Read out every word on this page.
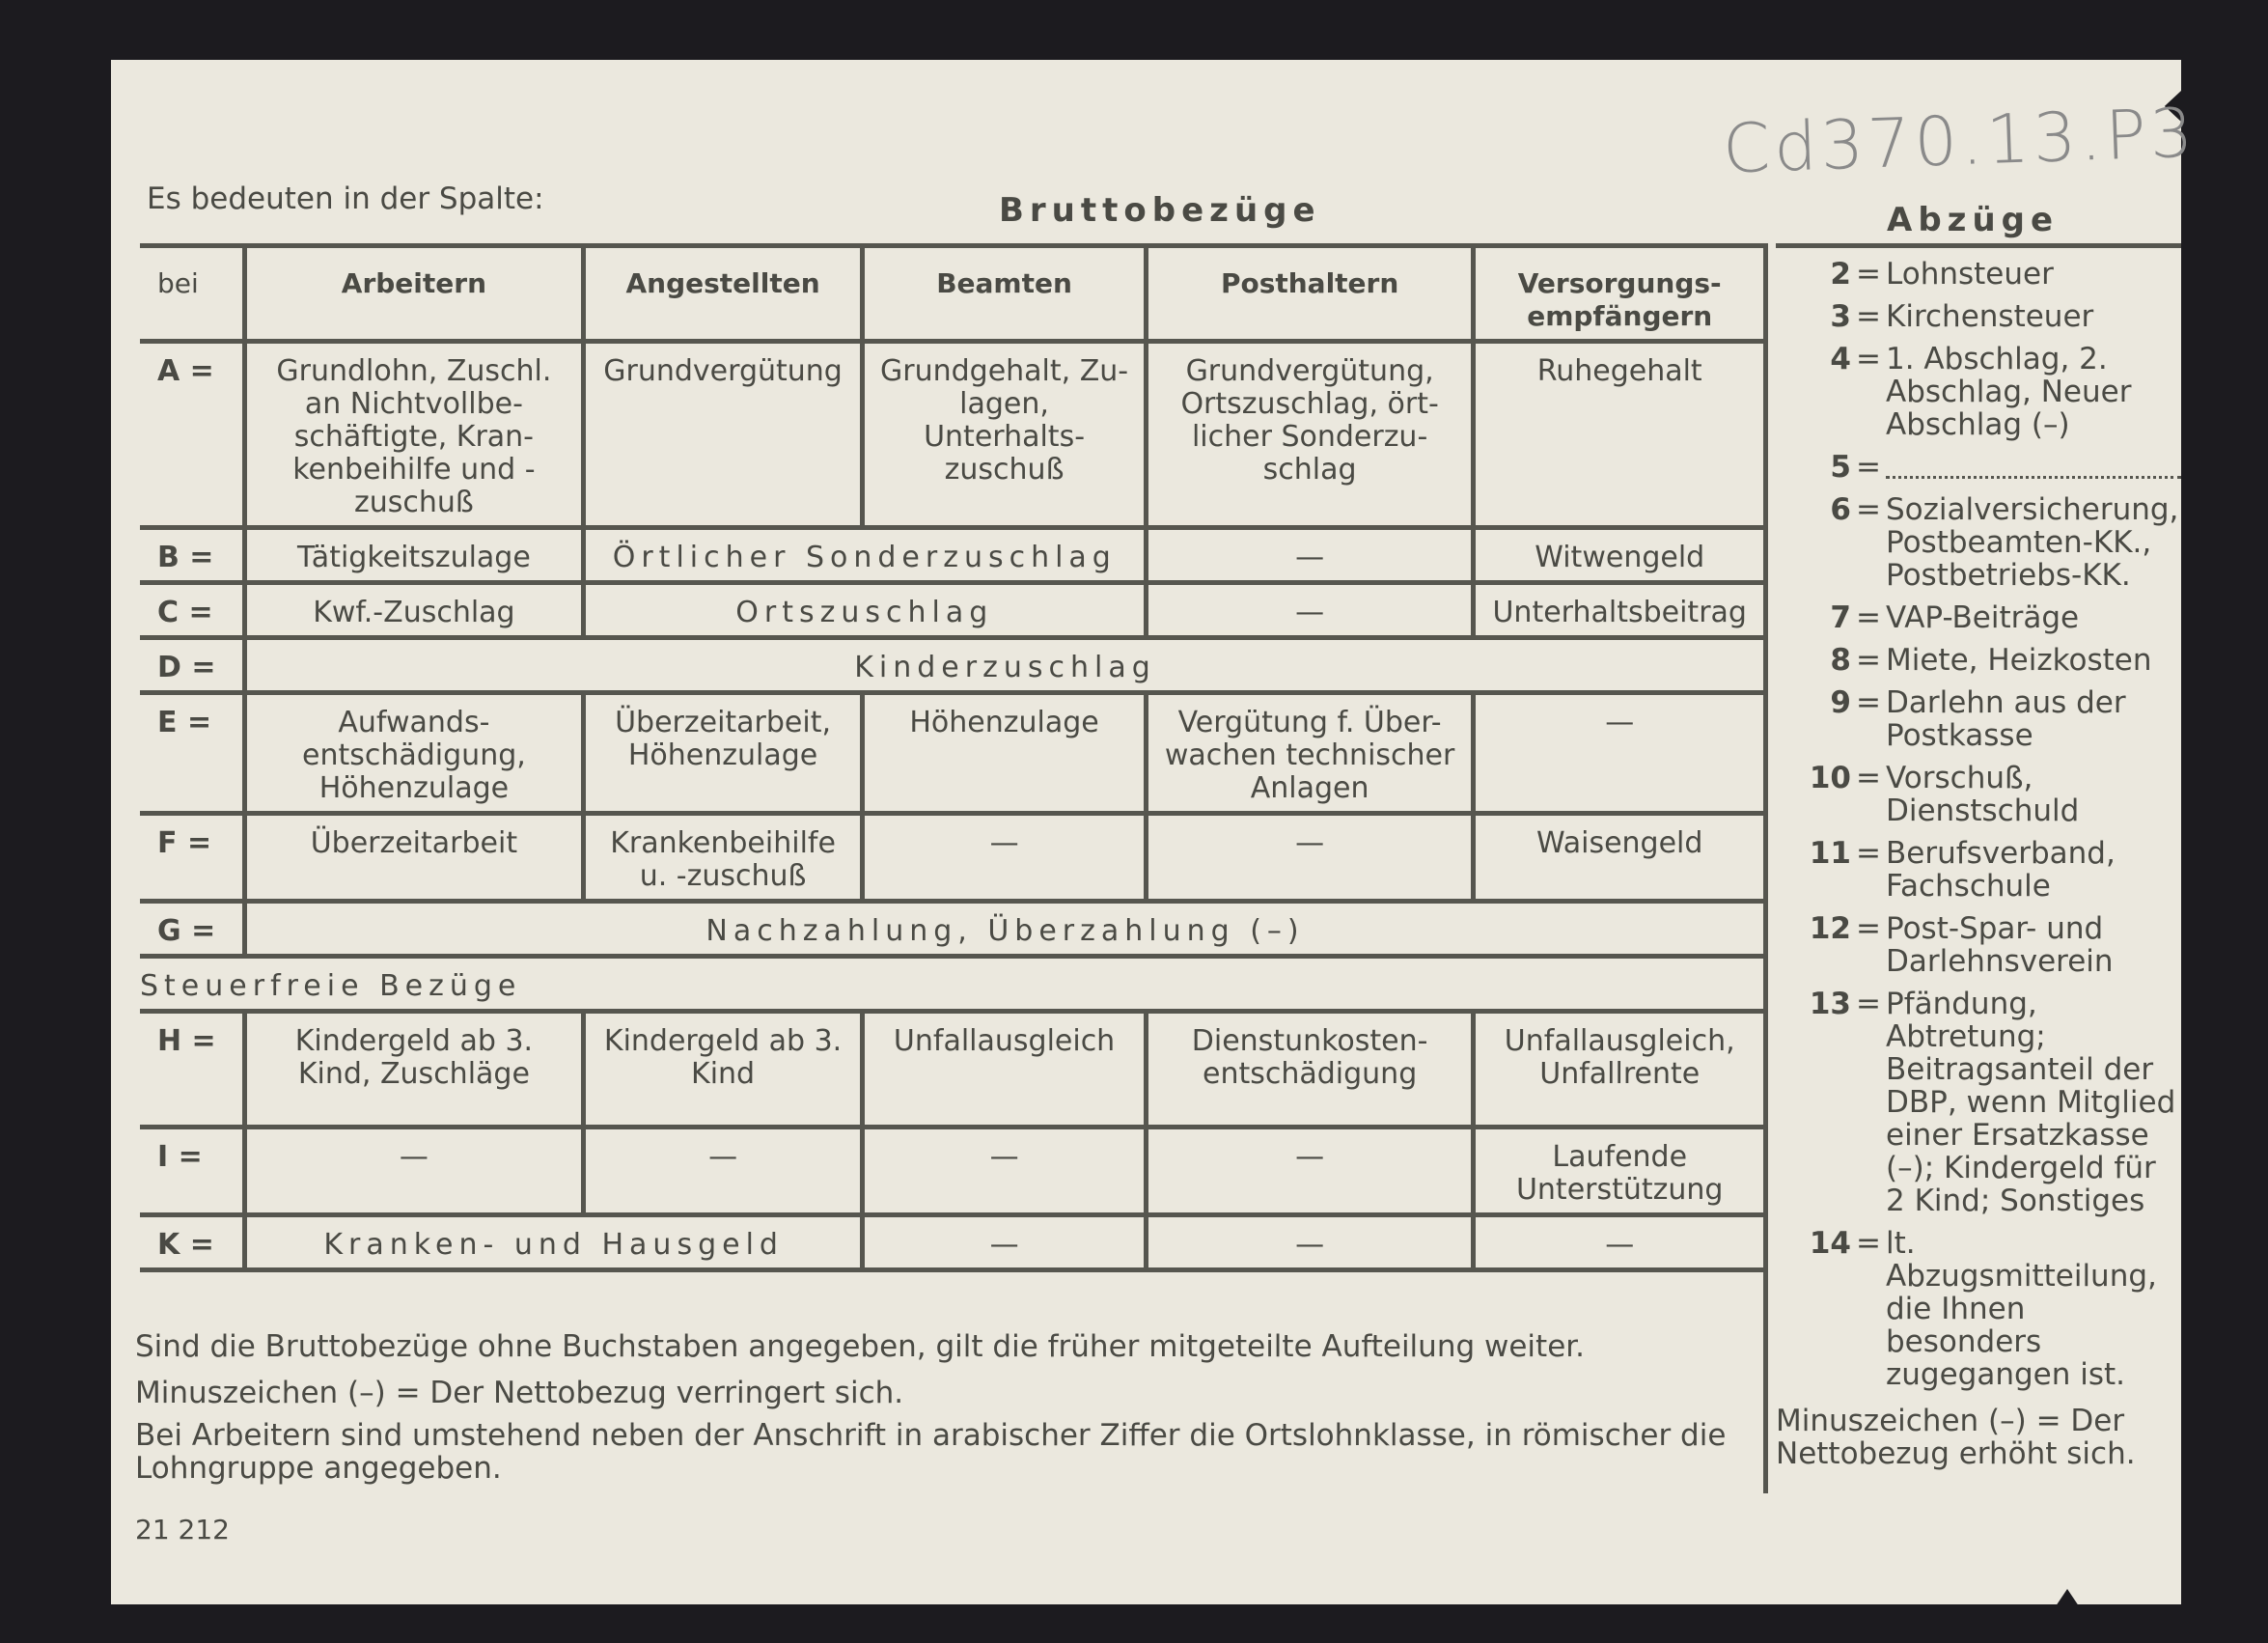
Cd370.13.P3
Es bedeuten in der Spalte:	Bruttobezüge	Abzüge
bei	Arbeitern	Angestellten	Beamten	Posthaltern	Versorgungs-empfängern
A =	Grundlohn, Zuschl. an Nichtvollbe-schäftigte, Kran-kenbeihilfe und -zuschuß	Grundvergütung	Grundgehalt, Zu-lagen, Unterhalts-zuschuß	Grundvergütung, Ortszuschlag, ört-licher Sonderzu-schlag	Ruhegehalt
B =	Tätigkeitszulage	Örtlicher Sonderzuschlag		—	Witwengeld
C =	Kwf.-Zuschlag	Ortszuschlag		—	Unterhaltsbeitrag
D =	Kinderzuschlag				
E =	Aufwands-entschädigung, Höhenzulage	Überzeitarbeit, Höhenzulage	Höhenzulage	Vergütung f. Über-wachen technischer Anlagen	—
F =	Überzeitarbeit	Krankenbeihilfe u. -zuschuß	—	—	Waisengeld
G =	Nachzahlung, Überzahlung (–)				
Steuerfreie Bezüge					
H =	Kindergeld ab 3. Kind, Zuschläge	Kindergeld ab 3. Kind	Unfallausgleich	Dienstunkosten-entschädigung	Unfallausgleich, Unfallrente
I =	—	—	—	—	Laufende Unterstützung
K =	Kranken- und Hausgeld		—	—	—
2 = Lohnsteuer
3 = Kirchensteuer
4 = 1. Abschlag, 2. Abschlag, Neuer Abschlag (–)
5 =
6 = Sozialversicherung, Postbeamten-KK., Postbetriebs-KK.
7 = VAP-Beiträge
8 = Miete, Heizkosten
9 = Darlehn aus der Postkasse
10 = Vorschuß, Dienstschuld
11 = Berufsverband, Fachschule
12 = Post-Spar- und Darlehnsverein
13 = Pfändung, Abtretung; Beitragsanteil der DBP, wenn Mitglied einer Ersatzkasse (–); Kindergeld für 2 Kind; Sonstiges
14 = lt. Abzugsmitteilung, die Ihnen besonders zugegangen ist.
Minuszeichen (–) = Der Nettobezug erhöht sich.
Sind die Bruttobezüge ohne Buchstaben angegeben, gilt die früher mitgeteilte Aufteilung weiter.
Minuszeichen (–) = Der Nettobezug verringert sich.
Bei Arbeitern sind umstehend neben der Anschrift in arabischer Ziffer die Ortslohnklasse, in römischer die Lohngruppe angegeben.
21 212
